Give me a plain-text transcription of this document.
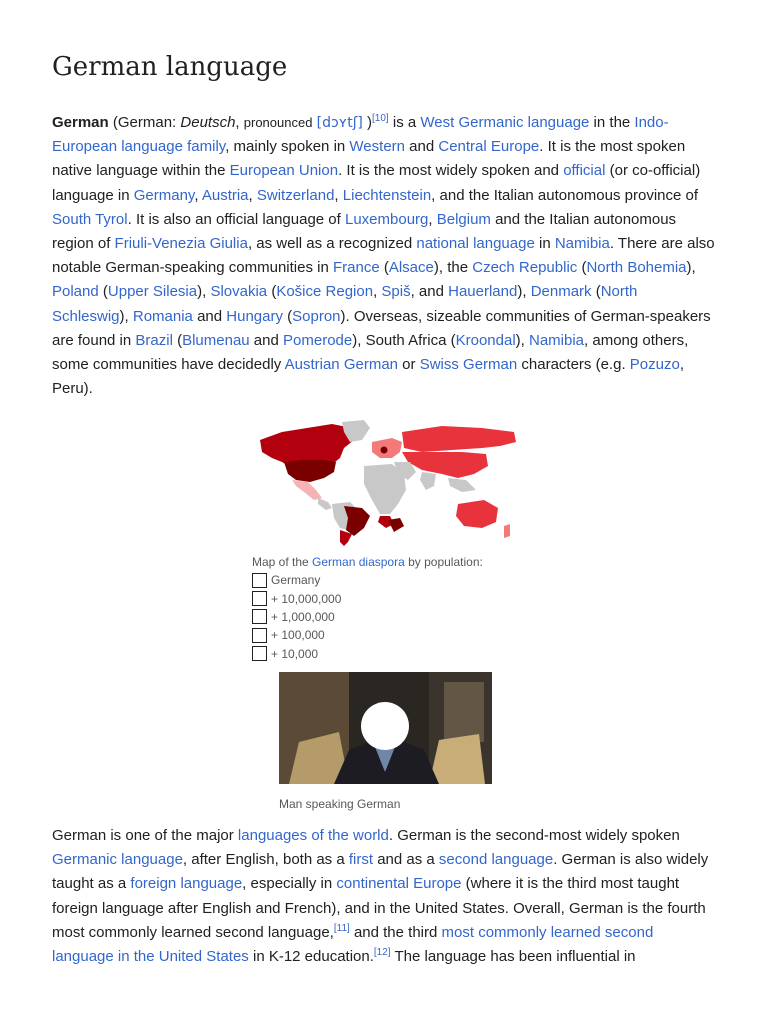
German language

German (German: Deutsch, pronounced [dɔʏtʃ] )[10] is a West Germanic language in the Indo-European language family, mainly spoken in Western and Central Europe. It is the most spoken native language within the European Union. It is the most widely spoken and official (or co-official) language in Germany, Austria, Switzerland, Liechtenstein, and the Italian autonomous province of South Tyrol. It is also an official language of Luxembourg, Belgium and the Italian autonomous region of Friuli-Venezia Giulia, as well as a recognized national language in Namibia. There are also notable German-speaking communities in France (Alsace), the Czech Republic (North Bohemia), Poland (Upper Silesia), Slovakia (Košice Region, Spiš, and Hauerland), Denmark (North Schleswig), Romania and Hungary (Sopron). Overseas, sizeable communities of German-speakers are found in Brazil (Blumenau and Pomerode), South Africa (Kroondal), Namibia, among others, some communities have decidedly Austrian German or Swiss German characters (e.g. Pozuzo, Peru).

Map of the German diaspora by population:
Germany
+ 10,000,000
+ 1,000,000
+ 100,000
+ 10,000
Man speaking German

German is one of the major languages of the world. German is the second-most widely spoken Germanic language, after English, both as a first and as a second language. German is also widely taught as a foreign language, especially in continental Europe (where it is the third most taught foreign language after English and French), and in the United States. Overall, German is the fourth most commonly learned second language,[11] and the third most commonly learned second language in the United States in K-12 education.[12] The language has been influential in
